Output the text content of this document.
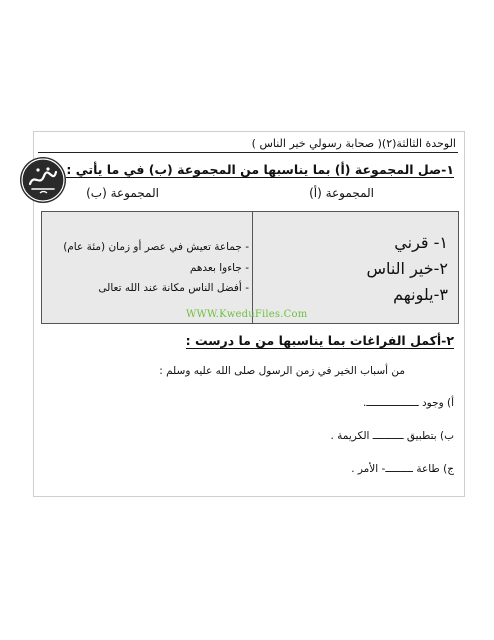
الوحدة الثالثة(٢)( صحابة رسولي خير الناس )
١-صل المجموعة (أ) بما يناسبها من المجموعة (ب) في ما يأتي :
المجموعة (أ)
المجموعة (ب)
١- قرني
٢-خير الناس
٣-يلونهم
- جماعة تعيش في عصر أو زمان (مئة عام)
- جاءوا بعدهم
- أفضل الناس مكانة عند الله تعالى
WWW.KweduFiles.Com
٢-أكمل الفراغات بما يناسبها من ما درست :
من أسباب الخير في زمن الرسول صلى الله عليه وسلم :
أ) وجود ـــــــــــــــــ.
ب) بتطبيق ــــــــــ الكريمة .
ج) طاعة ـــــــــ- الأمر .
